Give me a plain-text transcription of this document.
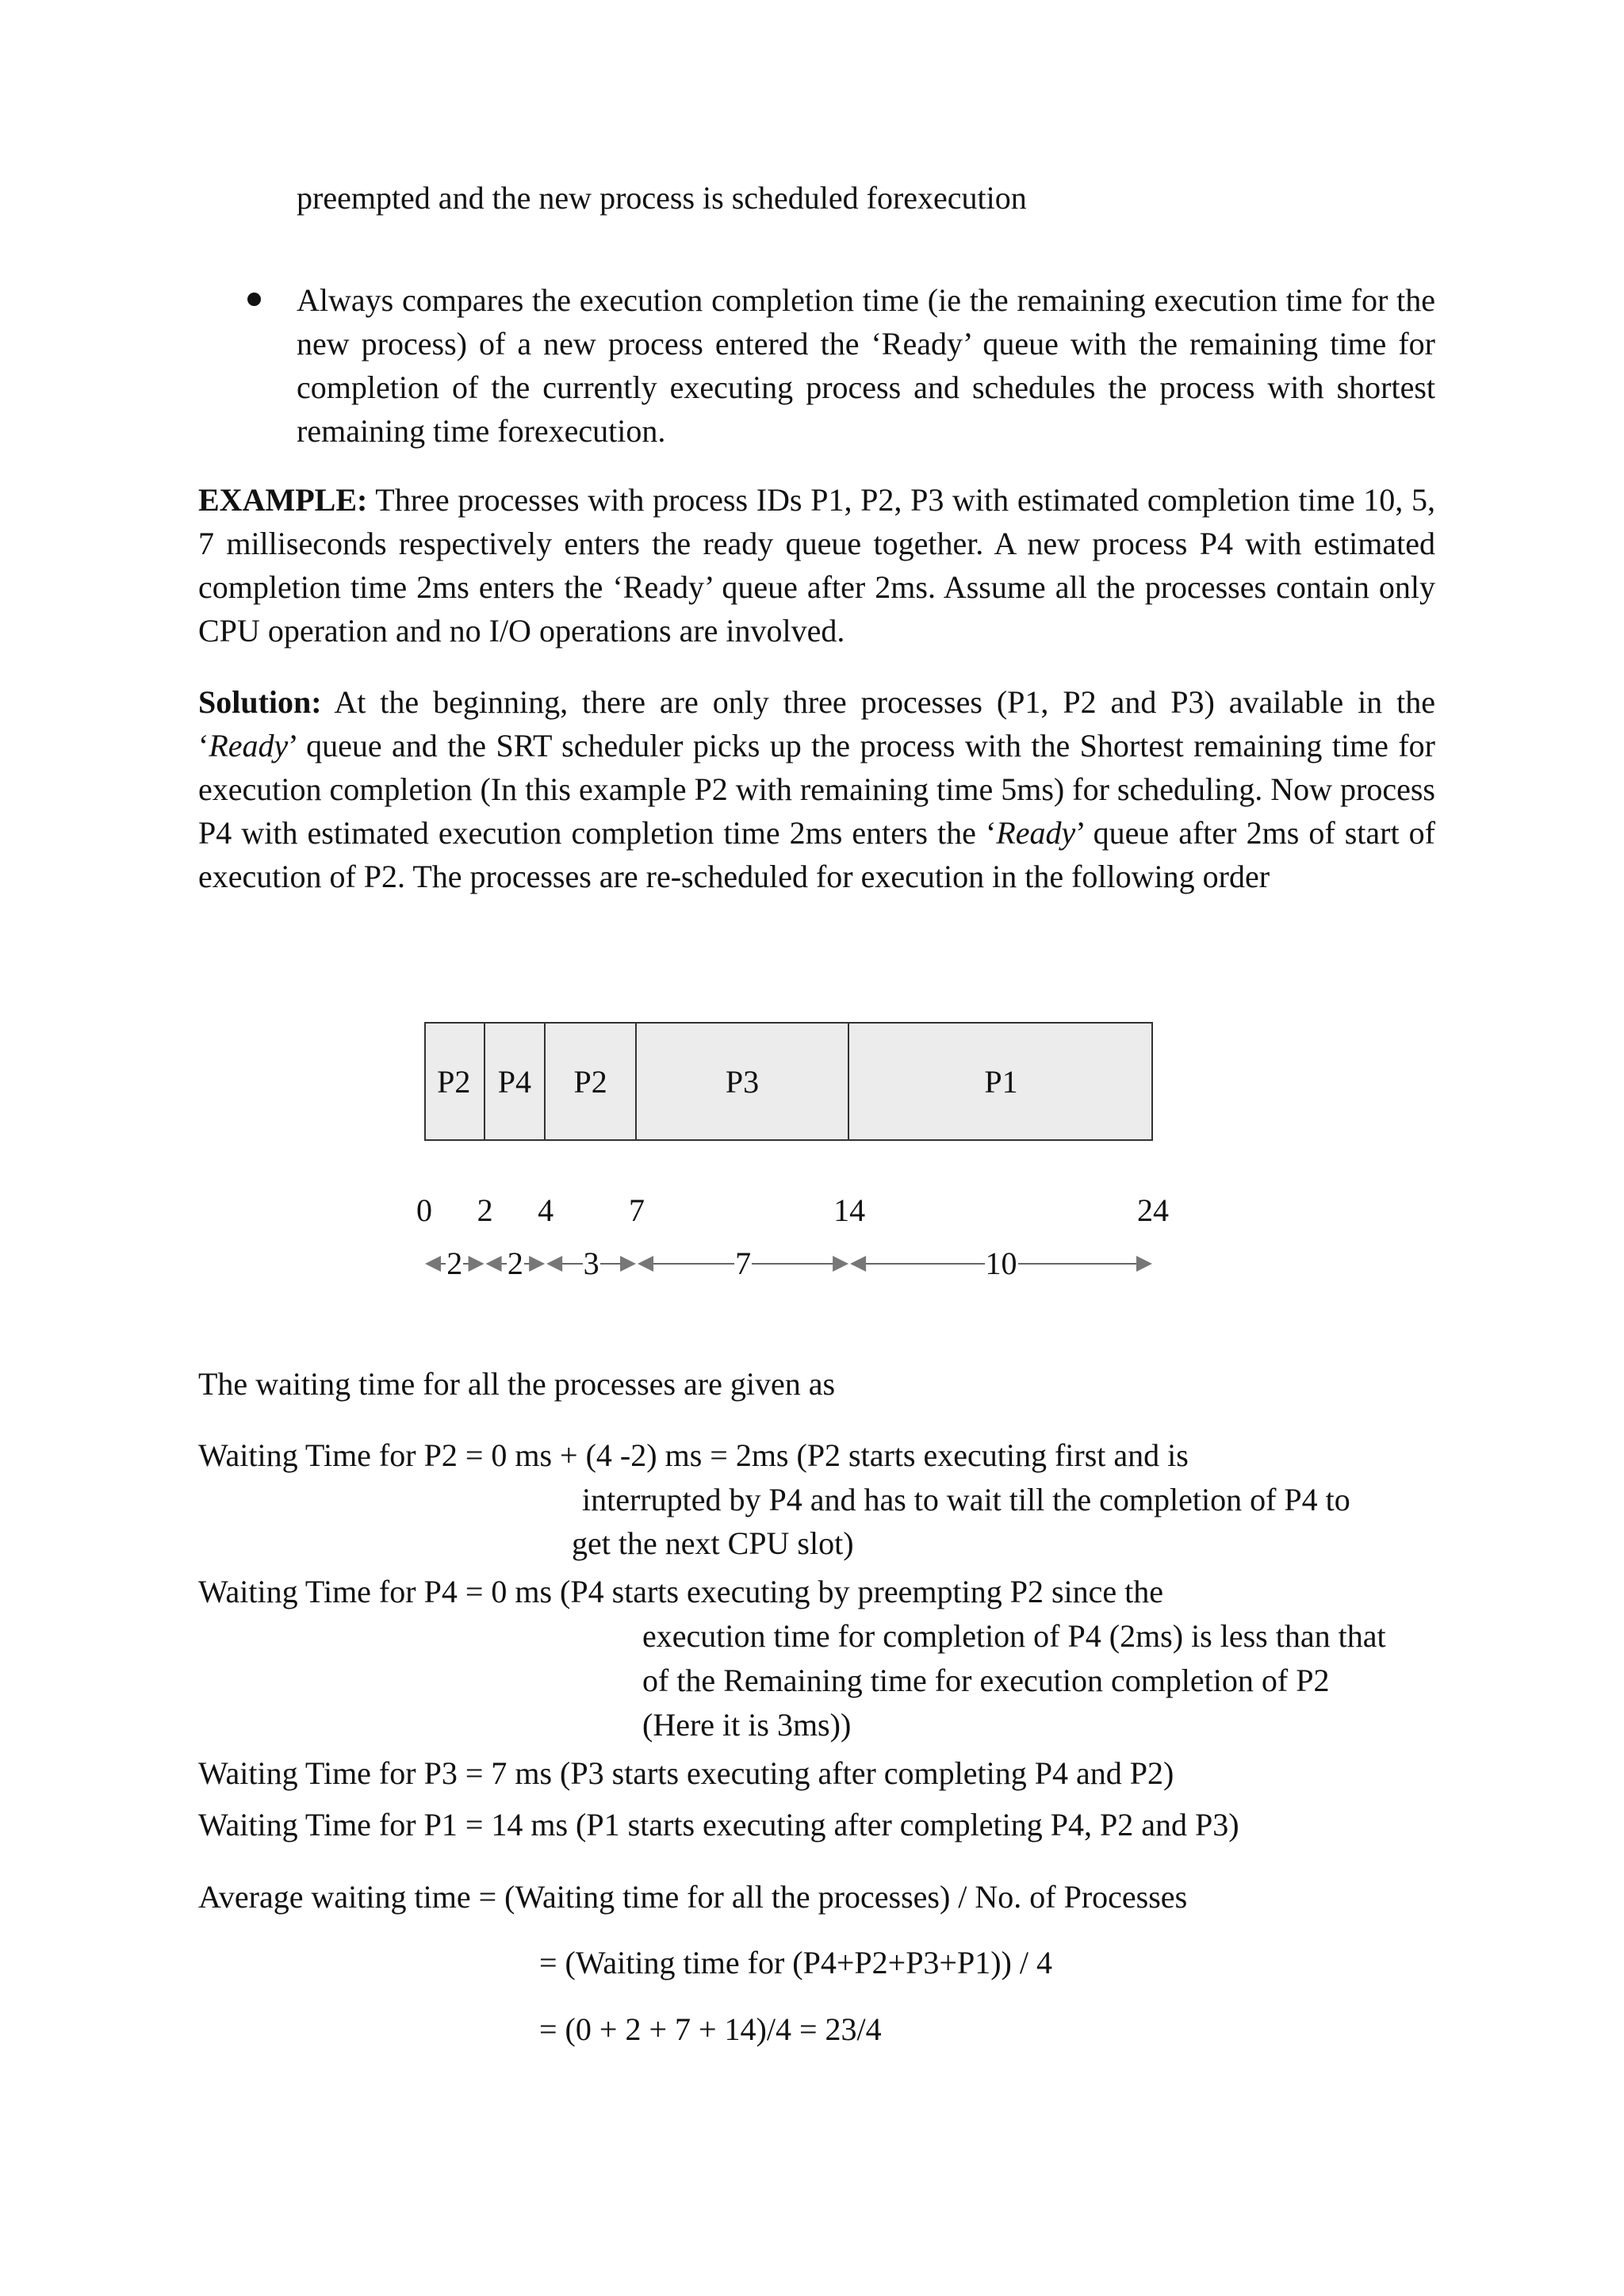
preempted and the new process is scheduled forexecution
Always compares the execution completion time (ie the remaining execution time for the new process) of a new process entered the ‘Ready’ queue with the remaining time for completion of the currently executing process and schedules the process with shortest remaining time forexecution.
EXAMPLE: Three processes with process IDs P1, P2, P3 with estimated completion time 10, 5, 7 milliseconds respectively enters the ready queue together. A new process P4 with estimated completion time 2ms enters the ‘Ready’ queue after 2ms. Assume all the processes contain only CPU operation and no I/O operations are involved.
Solution: At the beginning, there are only three processes (P1, P2 and P3) available in the ‘Ready’ queue and the SRT scheduler picks up the process with the Shortest remaining time for execution completion (In this example P2 with remaining time 5ms) for scheduling. Now process P4 with estimated execution completion time 2ms enters the ‘Ready’ queue after 2ms of start of execution of P2. The processes are re-scheduled for execution in the following order
P2 P4	P2	P3	P1
0 2 4 7	14	24
2 2 3	7	10
The waiting time for all the processes are given as
Waiting Time for P2 = 0 ms + (4 -2) ms = 2ms (P2 starts executing first and is
interrupted by P4 and has to wait till the completion of P4 to
get the next CPU slot)
Waiting Time for P4 = 0 ms (P4 starts executing by preempting P2 since the
execution time for completion of P4 (2ms) is less than that
of the Remaining time for execution completion of P2
(Here it is 3ms))
Waiting Time for P3 = 7 ms (P3 starts executing after completing P4 and P2)
Waiting Time for P1 = 14 ms (P1 starts executing after completing P4, P2 and P3)
Average waiting time = (Waiting time for all the processes) / No. of Processes
= (Waiting time for (P4+P2+P3+P1)) / 4
= (0 + 2 + 7 + 14)/4 = 23/4
